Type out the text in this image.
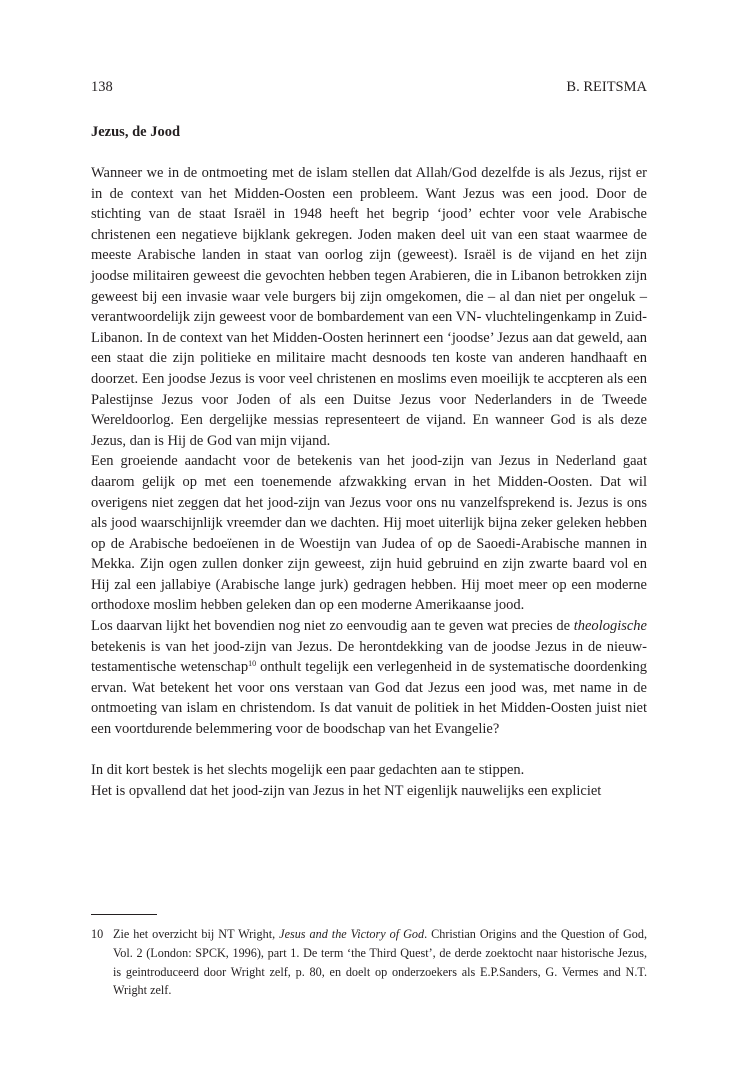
138	B. REITSMA
Jezus, de Jood

Wanneer we in de ontmoeting met de islam stellen dat Allah/God dezelfde is als Jezus, rijst er in de context van het Midden-Oosten een probleem. Want Jezus was een jood. Door de stichting van de staat Israël in 1948 heeft het begrip ‘jood’ echter voor vele Arabische christenen een negatieve bijklank gekregen. Joden maken deel uit van een staat waarmee de meeste Arabische landen in staat van oorlog zijn (geweest). Israël is de vijand en het zijn joodse militairen geweest die gevochten hebben tegen Arabieren, die in Libanon betrokken zijn geweest bij een invasie waar vele burgers bij zijn omgekomen, die – al dan niet per ongeluk – verantwoordelijk zijn geweest voor de bombardement van een VN- vluchtelingenkamp in Zuid-Libanon. In de context van het Midden-Oosten herinnert een ‘joodse’ Jezus aan dat geweld, aan een staat die zijn politieke en militaire macht desnoods ten koste van anderen handhaaft en doorzet. Een joodse Jezus is voor veel christenen en moslims even moeilijk te accpteren als een Palestijnse Jezus voor Joden of als een Duitse Jezus voor Nederlanders in de Tweede Wereldoorlog. Een dergelijke messias representeert de vijand. En wanneer God is als deze Jezus, dan is Hij de God van mijn vijand.

Een groeiende aandacht voor de betekenis van het jood-zijn van Jezus in Nederland gaat daarom gelijk op met een toenemende afzwakking ervan in het Midden-Oosten. Dat wil overigens niet zeggen dat het jood-zijn van Jezus voor ons nu vanzelfsprekend is. Jezus is ons als jood waarschijnlijk vreemder dan we dachten. Hij moet uiterlijk bijna zeker geleken hebben op de Arabische bedoeïenen in de Woestijn van Judea of op de Saoedi-Arabische mannen in Mekka. Zijn ogen zullen donker zijn geweest, zijn huid gebruind en zijn zwarte baard vol en Hij zal een jallabiye (Arabische lange jurk) gedragen hebben. Hij moet meer op een moderne orthodoxe moslim hebben geleken dan op een moderne Amerikaanse jood.

Los daarvan lijkt het bovendien nog niet zo eenvoudig aan te geven wat precies de theologische betekenis is van het jood-zijn van Jezus. De herontdekking van de joodse Jezus in de nieuw-testamentische wetenschap$^{10}$ onthult tegelijk een verlegenheid in de systematische doordenking ervan. Wat betekent het voor ons verstaan van God dat Jezus een jood was, met name in de ontmoeting van islam en christendom. Is dat vanuit de politiek in het Midden-Oosten juist niet een voortdurende belemmering voor de boodschap van het Evangelie?

In dit kort bestek is het slechts mogelijk een paar gedachten aan te stippen.

Het is opvallend dat het jood-zijn van Jezus in het NT eigenlijk nauwelijks een expliciet

10 Zie het overzicht bij NT Wright, Jesus and the Victory of God. Christian Origins and the Question of God, Vol. 2 (London: SPCK, 1996), part 1. De term ‘the Third Quest’, de derde zoektocht naar historische Jezus, is geintroduceerd door Wright zelf, p. 80, en doelt op onderzoekers als E.P.Sanders, G. Vermes and N.T. Wright zelf.
